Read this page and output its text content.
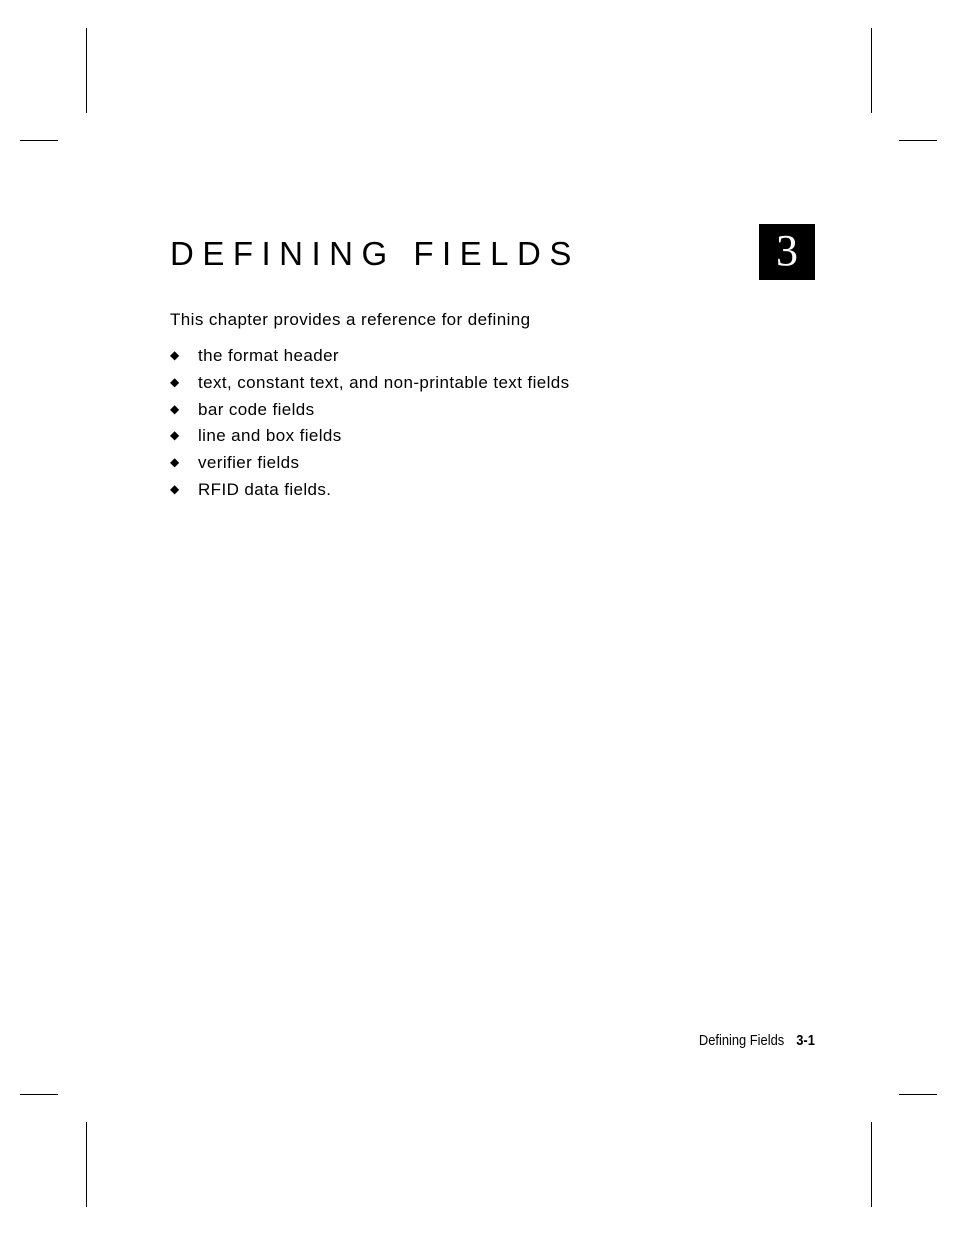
DEFINING FIELDS	3

This chapter provides a reference for defining

◆ the format header
◆ text, constant text, and non-printable text fields
◆ bar code fields
◆ line and box fields
◆ verifier fields
◆ RFID data fields.
Defining Fields 3-1
